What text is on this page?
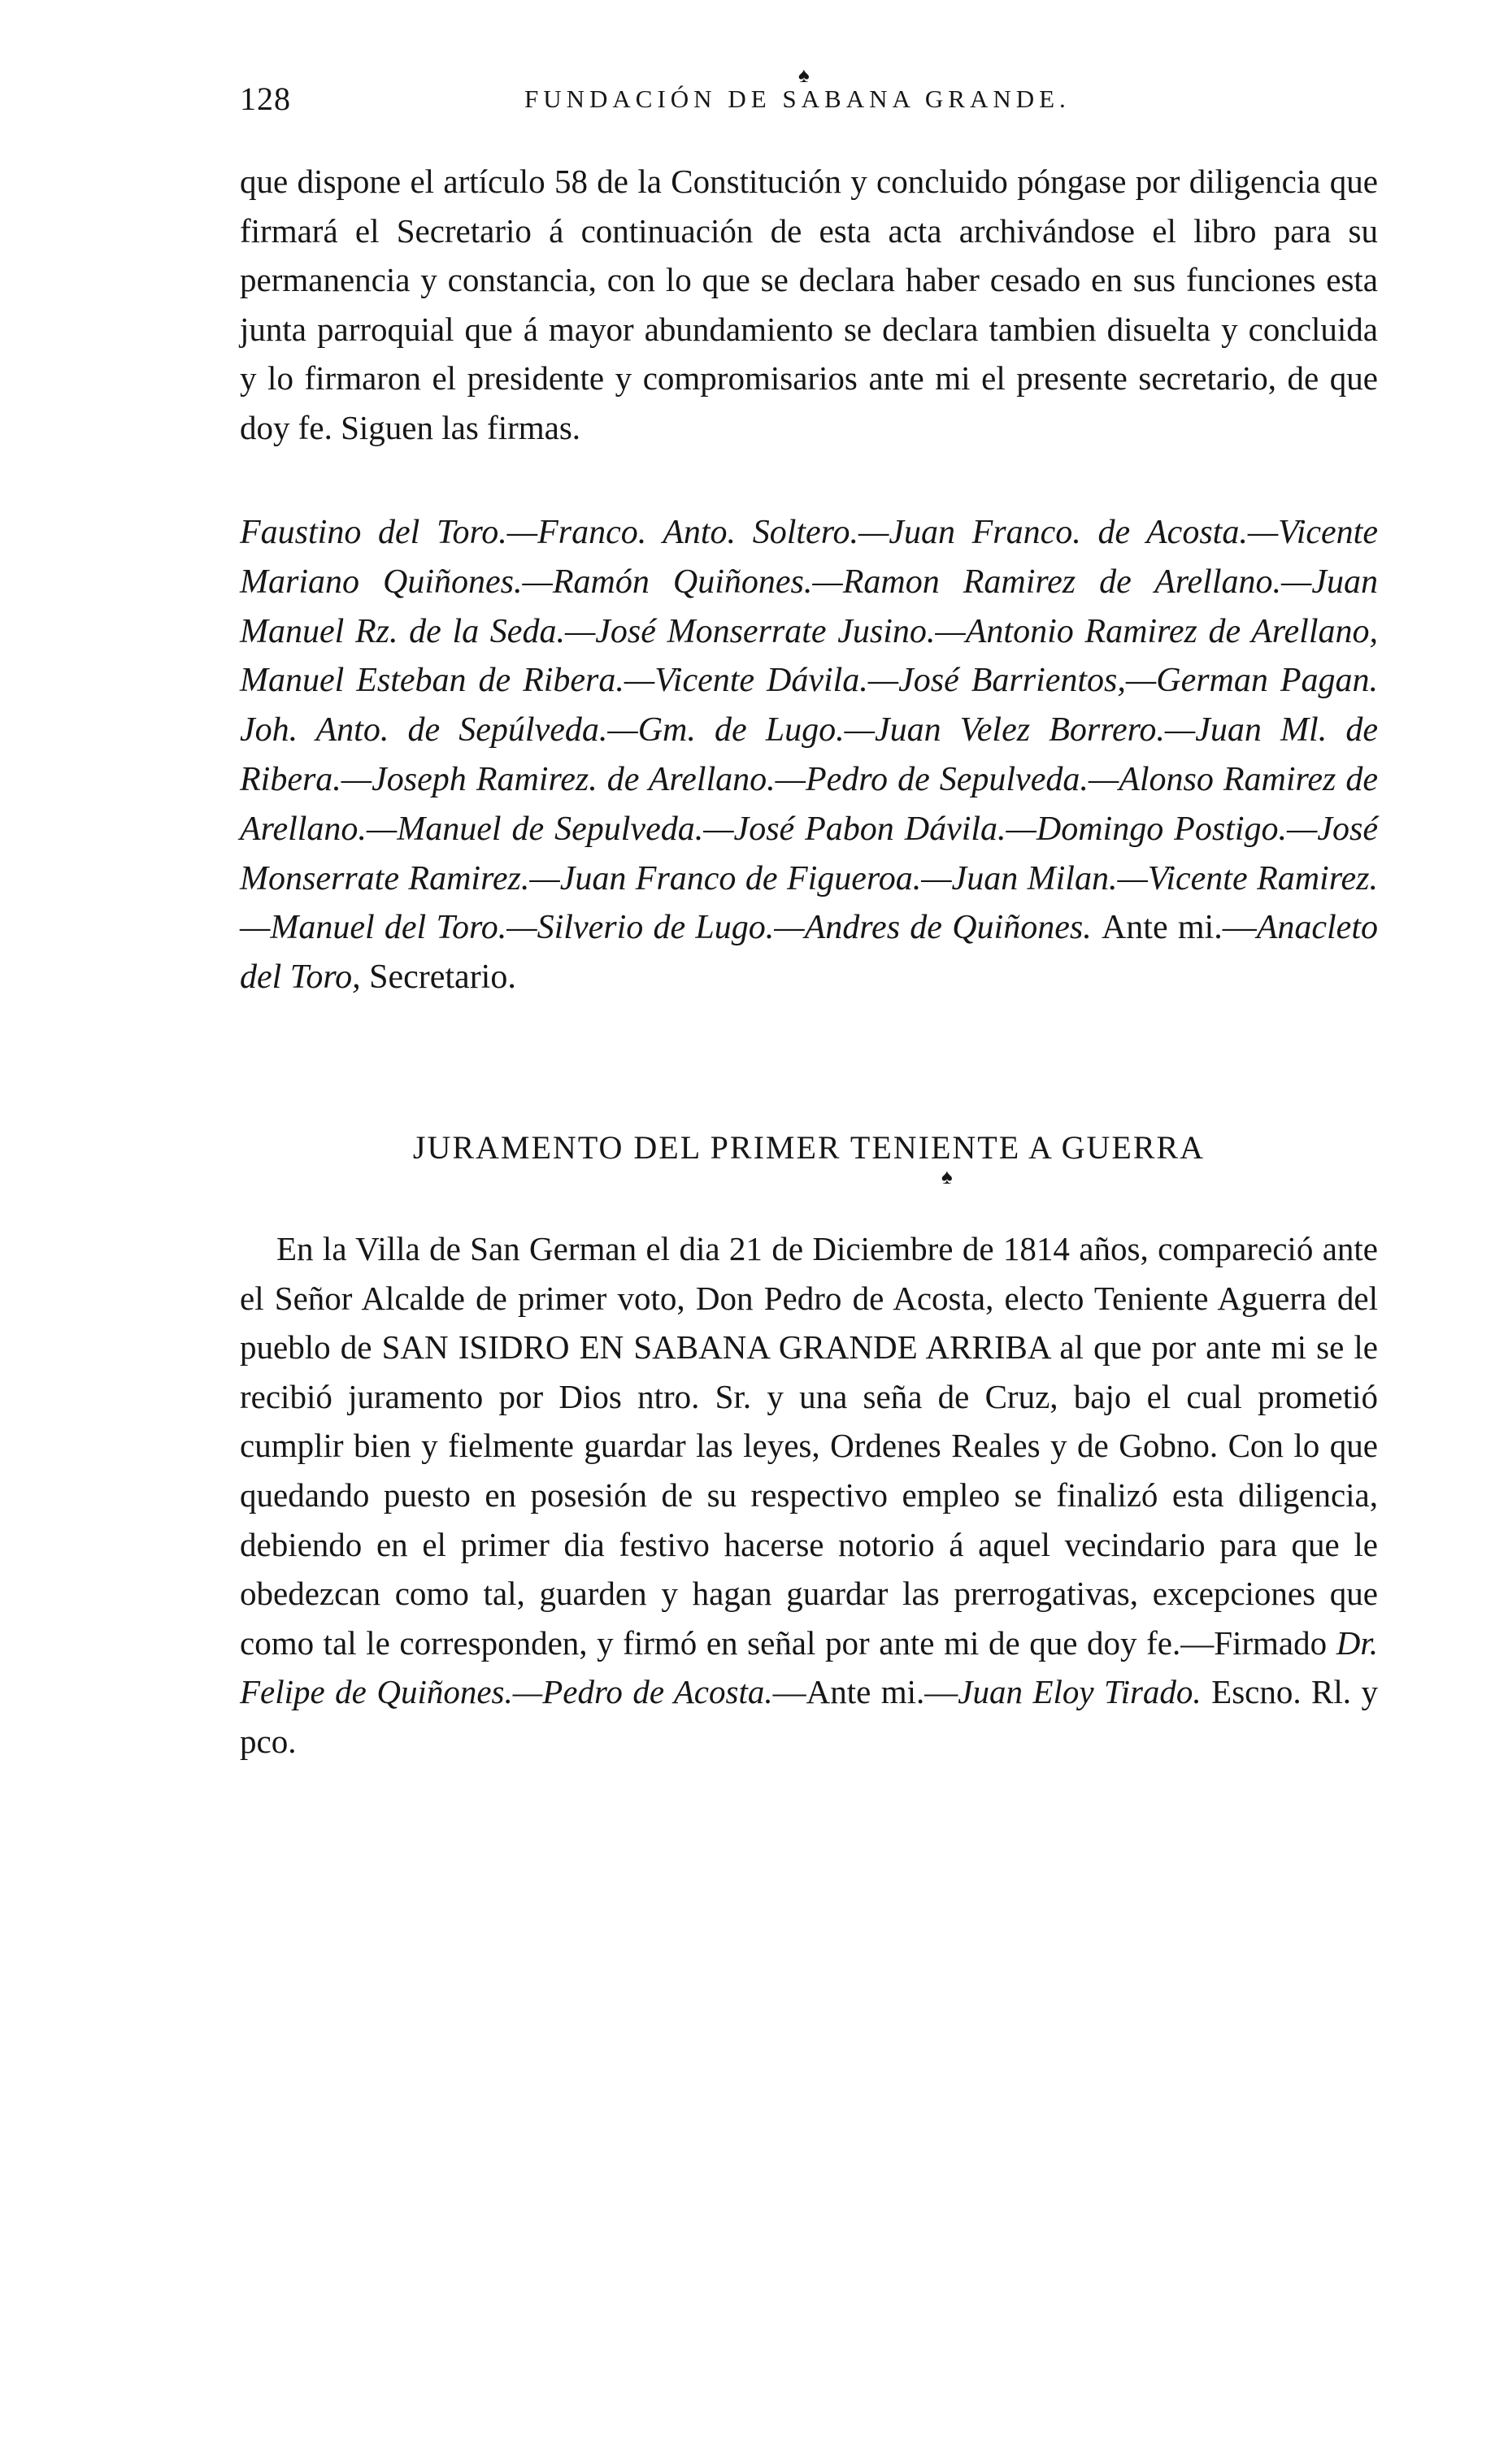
128	FUNDACIÓN DE SABANA GRANDE.
♠

que dispone el artículo 58 de la Constitución y concluido póngase por diligencia que firmará el Secretario á continuación de esta acta archivándose el libro para su permanencia y constancia, con lo que se declara haber cesado en sus funciones esta junta parroquial que á mayor abundamiento se declara tambien disuelta y concluida y lo firmaron el presidente y compromisarios ante mi el presente secretario, de que doy fe. Siguen las firmas.

Faustino del Toro.—Franco. Anto. Soltero.—Juan Franco. de Acosta.—Vicente Mariano Quiñones.—Ramón Quiñones.—Ramon Ramirez de Arellano.—Juan Manuel Rz. de la Seda.—José Monserrate Jusino.—Antonio Ramirez de Arellano, Manuel Esteban de Ribera.—Vicente Dávila.—José Barrientos,—German Pagan. Joh. Anto. de Sepúlveda.—Gm. de Lugo.—Juan Velez Borrero.—Juan Ml. de Ribera.—Joseph Ramirez. de Arellano.—Pedro de Sepulveda.—Alonso Ramirez de Arellano.—Manuel de Sepulveda.—José Pabon Dávila.—Domingo Postigo.—José Monserrate Ramirez.—Juan Franco de Figueroa.—Juan Milan.—Vicente Ramirez.—Manuel del Toro.—Silverio de Lugo.—Andres de Quiñones. Ante mi.—Anacleto del Toro, Secretario.

JURAMENTO DEL PRIMER TENIENTE A GUERRA
♠

En la Villa de San German el dia 21 de Diciembre de 1814 años, compareció ante el Señor Alcalde de primer voto, Don Pedro de Acosta, electo Teniente Aguerra del pueblo de SAN ISIDRO EN SABANA GRANDE ARRIBA al que por ante mi se le recibió juramento por Dios ntro. Sr. y una seña de Cruz, bajo el cual prometió cumplir bien y fielmente guardar las leyes, Ordenes Reales y de Gobno. Con lo que quedando puesto en posesión de su respectivo empleo se finalizó esta diligencia, debiendo en el primer dia festivo hacerse notorio á aquel vecindario para que le obedezcan como tal, guarden y hagan guardar las prerrogativas, excepciones que como tal le corresponden, y firmó en señal por ante mi de que doy fe.—Firmado Dr. Felipe de Quiñones.—Pedro de Acosta.—Ante mi.—Juan Eloy Tirado. Escno. Rl. y pco.
